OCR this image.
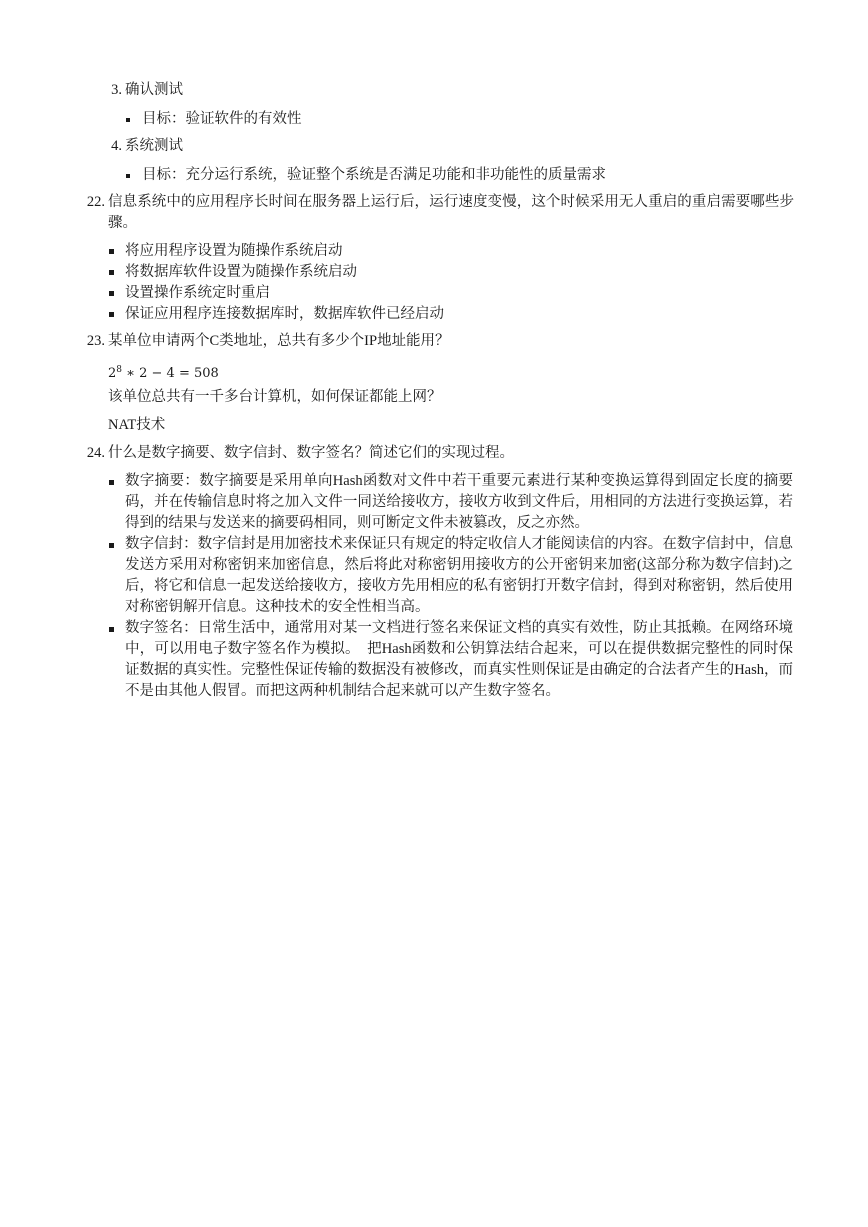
3. 确认测试
目标：验证软件的有效性
4. 系统测试
目标：充分运行系统，验证整个系统是否满足功能和非功能性的质量需求
22. 信息系统中的应用程序长时间在服务器上运行后，运行速度变慢，这个时候采用无人重启的重启需要哪些步骤。
将应用程序设置为随操作系统启动
将数据库软件设置为随操作系统启动
设置操作系统定时重启
保证应用程序连接数据库时，数据库软件已经启动
23. 某单位申请两个C类地址，总共有多少个IP地址能用？
$2^8$ ∗ 2 − 4 = 508
该单位总共有一千多台计算机，如何保证都能上网？
NAT技术
24. 什么是数字摘要、数字信封、数字签名？简述它们的实现过程。
数字摘要：数字摘要是采用单向Hash函数对文件中若干重要元素进行某种变换运算得到固定长度的摘要码，并在传输信息时将之加入文件一同送给接收方，接收方收到文件后，用相同的方法进行变换运算，若得到的结果与发送来的摘要码相同，则可断定文件未被篡改，反之亦然。
数字信封：数字信封是用加密技术来保证只有规定的特定收信人才能阅读信的内容。在数字信封中，信息发送方采用对称密钥来加密信息，然后将此对称密钥用接收方的公开密钥来加密(这部分称为数字信封)之后，将它和信息一起发送给接收方，接收方先用相应的私有密钥打开数字信封，得到对称密钥，然后使用对称密钥解开信息。这种技术的安全性相当高。
数字签名：日常生活中，通常用对某一文档进行签名来保证文档的真实有效性，防止其抵赖。在网络环境中，可以用电子数字签名作为模拟。　把Hash函数和公钥算法结合起来，可以在提供数据完整性的同时保证数据的真实性。完整性保证传输的数据没有被修改，而真实性则保证是由确定的合法者产生的Hash，而不是由其他人假冒。而把这两种机制结合起来就可以产生数字签名。
